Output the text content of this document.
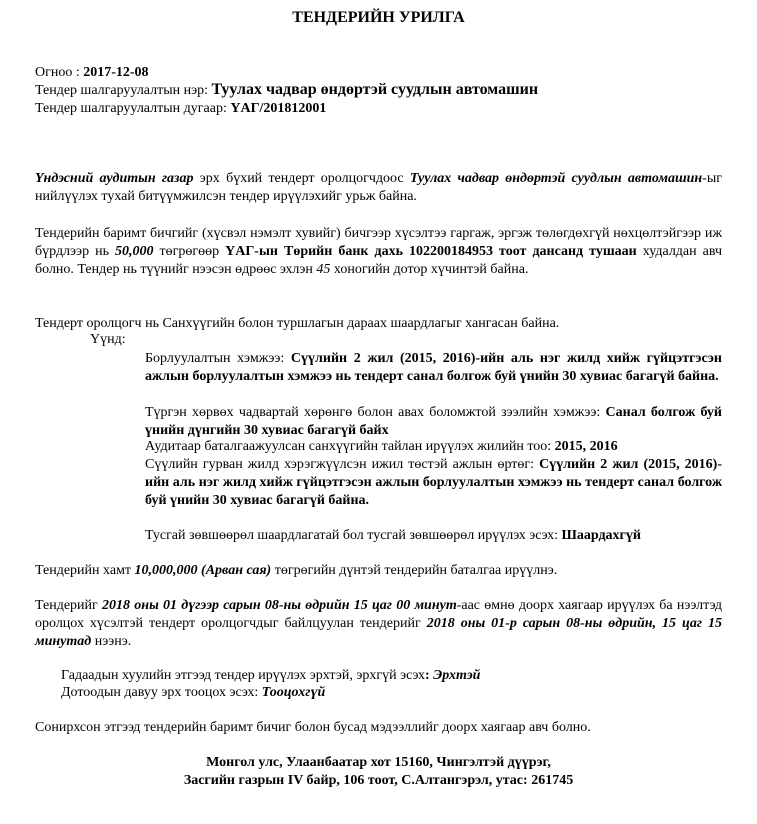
ТЕНДЕРИЙН УРИЛГА
Огноо : 2017-12-08
Тендер шалгаруулалтын нэр: Туулах чадвар өндөртэй суудлын автомашин
Тендер шалгаруулалтын дугаар: ҮАГ/201812001
Үндэсний аудитын газар эрх бүхий тендерт оролцогчдоос Туулах чадвар өндөртэй суудлын автомашин-ыг нийлүүлэх тухай битүүмжилсэн тендер ирүүлэхийг урьж байна.
Тендерийн баримт бичгийг (хүсвэл нэмэлт хувийг) бичгээр хүсэлтээ гаргаж, эргэж төлөгдөхгүй нөхцөлтэйгээр иж бүрдлээр нь 50,000 төгрөгөөр ҮАГ-ын Төрийн банк дахь 102200184953 тоот дансанд тушаан худалдан авч болно. Тендер нь түүнийг нээсэн өдрөөс эхлэн 45 хоногийн дотор хүчинтэй байна.
Тендерт оролцогч нь Санхүүгийн болон туршлагын дараах шаардлагыг хангасан байна.
Үүнд:
Борлуулалтын хэмжээ: Сүүлийн 2 жил (2015, 2016)-ийн аль нэг жилд хийж гүйцэтгэсэн ажлын борлуулалтын хэмжээ нь тендерт санал болгож буй үнийн 30 хувиас багагүй байна.
Түргэн хөрвөх чадвартай хөрөнгө болон авах боломжтой зээлийн хэмжээ: Санал болгож буй үнийн дүнгийн 30 хувиас багагүй байх
Аудитаар баталгаажуулсан санхүүгийн тайлан ирүүлэх жилийн тоо: 2015, 2016
Сүүлийн гурван жилд хэрэгжүүлсэн ижил төстэй ажлын өртөг: Сүүлийн 2 жил (2015, 2016)-ийн аль нэг жилд хийж гүйцэтгэсэн ажлын борлуулалтын хэмжээ нь тендерт санал болгож буй үнийн 30 хувиас багагүй байна.
Тусгай зөвшөөрөл шаардлагатай бол тусгай зөвшөөрөл ирүүлэх эсэх: Шаардахгүй
Тендерийн хамт 10,000,000 (Арван сая) төгрөгийн дүнтэй тендерийн баталгаа ирүүлнэ.
Тендерийг 2018 оны 01 дүгээр сарын 08-ны өдрийн 15 цаг 00 минут-аас өмнө доорх хаягаар ирүүлэх ба нээлтэд оролцох хүсэлтэй тендерт оролцогчдыг байлцуулан тендерийг 2018 оны 01-р сарын 08-ны өдрийн, 15 цаг 15 минутад нээнэ.
Гадаадын хуулийн этгээд тендер ирүүлэх эрхтэй, эрхгүй эсэх: Эрхтэй
Дотоодын давуу эрх тооцох эсэх: Тооцохгүй
Сонирхсон этгээд тендерийн баримт бичиг болон бусад мэдээллийг доорх хаягаар авч болно.
Монгол улс, Улаанбаатар хот 15160, Чингэлтэй дүүрэг,
Засгийн газрын IV байр, 106 тоот, С.Алтангэрэл, утас: 261745
